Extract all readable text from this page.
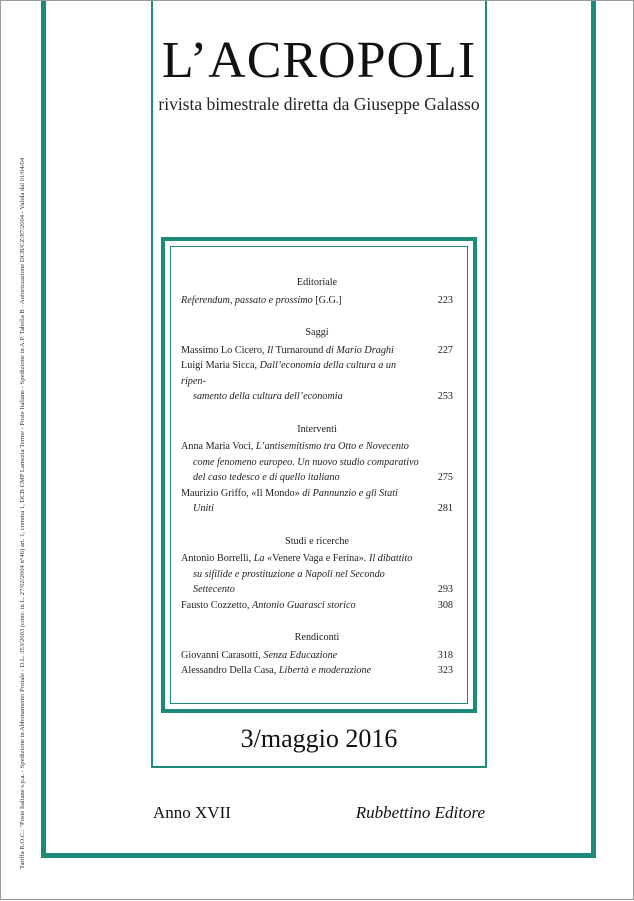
Tariffa R.O.C.: "Poste Italiane s.p.a. - Spedizione in Abbonamento Postale - D.L. 353/2003 (conv. in L. 27/02/2004 n°46) art. 1, comma 1, DCB CMP Lamezia Terme - Poste Italiane - Spedizione in A.P. Tabella B - Autorizzazione DCB/CZ/87/2004 - Valida dal 01/04/04
L’ACROPOLI
rivista bimestrale diretta da Giuseppe Galasso
Editoriale
Referendum, passato e prossimo [G.G.]	223
Saggi
Massimo Lo Cicero, Il Turnaround di Mario Draghi	227
Luigi Maria Sicca, Dall’economia della cultura a un ripen-
samento della cultura dell’economia	253
Interventi
Anna Maria Voci, L’antisemitismo tra Otto e Novecento
come fenomeno europeo. Un nuovo studio comparativo
del caso tedesco e di quello italiano	275
Maurizio Griffo, «Il Mondo» di Pannunzio e gli Stati
Uniti	281
Studi e ricerche
Antonio Borrelli, La «Venere Vaga e Ferina». Il dibattito
su sifilide e prostituzione a Napoli nel Secondo
Settecento	293
Fausto Cozzetto, Antonio Guarasci storico	308
Rendiconti
Giovanni Carasotti, Senza Educazione	318
Alessandro Della Casa, Libertà e moderazione	323
3/maggio 2016
Anno XVII	Rubbettino Editore
